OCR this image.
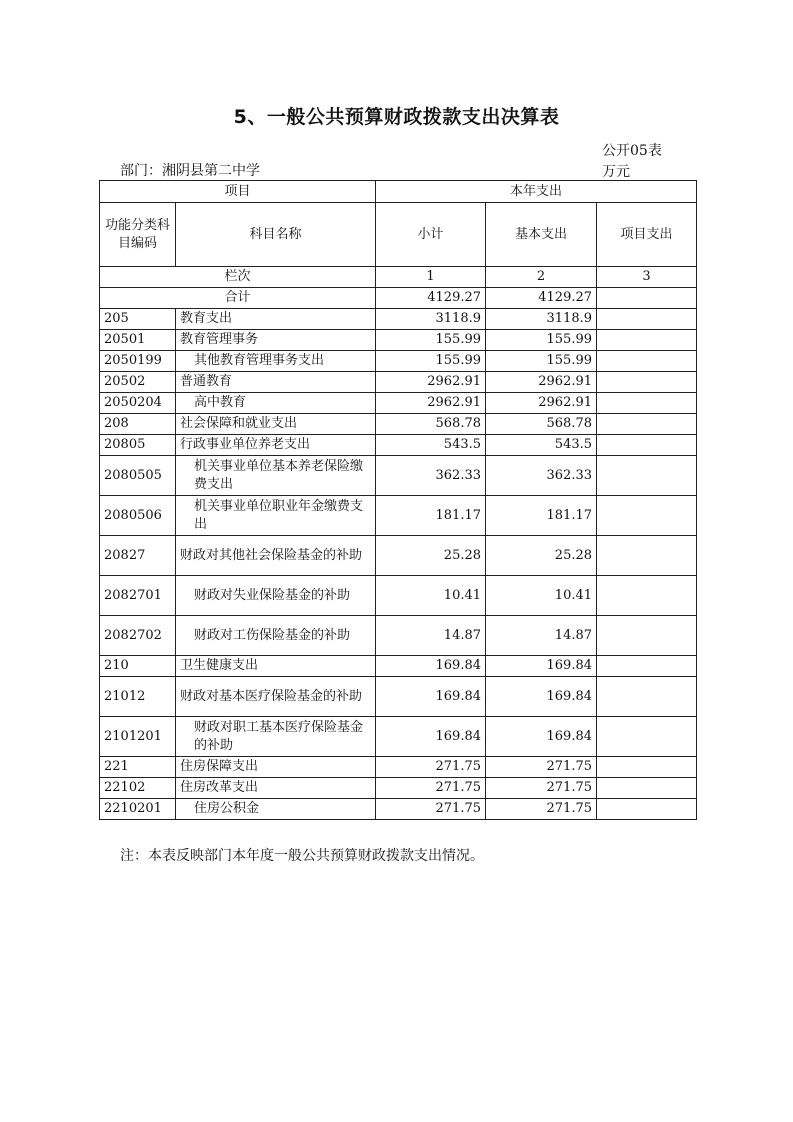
5、一般公共预算财政拨款支出决算表
公开05表
万元
部门：湘阴县第二中学
项目		本年支出		
功能分类科目编码	科目名称	小计	基本支出	项目支出
栏次		1	2	3
合计		4129.27	4129.27	
205	教育支出	3118.9	3118.9	
20501	教育管理事务	155.99	155.99	
2050199	其他教育管理事务支出	155.99	155.99	
20502	普通教育	2962.91	2962.91	
2050204	高中教育	2962.91	2962.91	
208	社会保障和就业支出	568.78	568.78	
20805	行政事业单位养老支出	543.5	543.5	
2080505	机关事业单位基本养老保险缴费支出	362.33	362.33	
2080506	机关事业单位职业年金缴费支出	181.17	181.17	
20827	财政对其他社会保险基金的补助	25.28	25.28	
2082701	财政对失业保险基金的补助	10.41	10.41	
2082702	财政对工伤保险基金的补助	14.87	14.87	
210	卫生健康支出	169.84	169.84	
21012	财政对基本医疗保险基金的补助	169.84	169.84	
2101201	财政对职工基本医疗保险基金的补助	169.84	169.84	
221	住房保障支出	271.75	271.75	
22102	住房改革支出	271.75	271.75	
2210201	住房公积金	271.75	271.75	
注：本表反映部门本年度一般公共预算财政拨款支出情况。
